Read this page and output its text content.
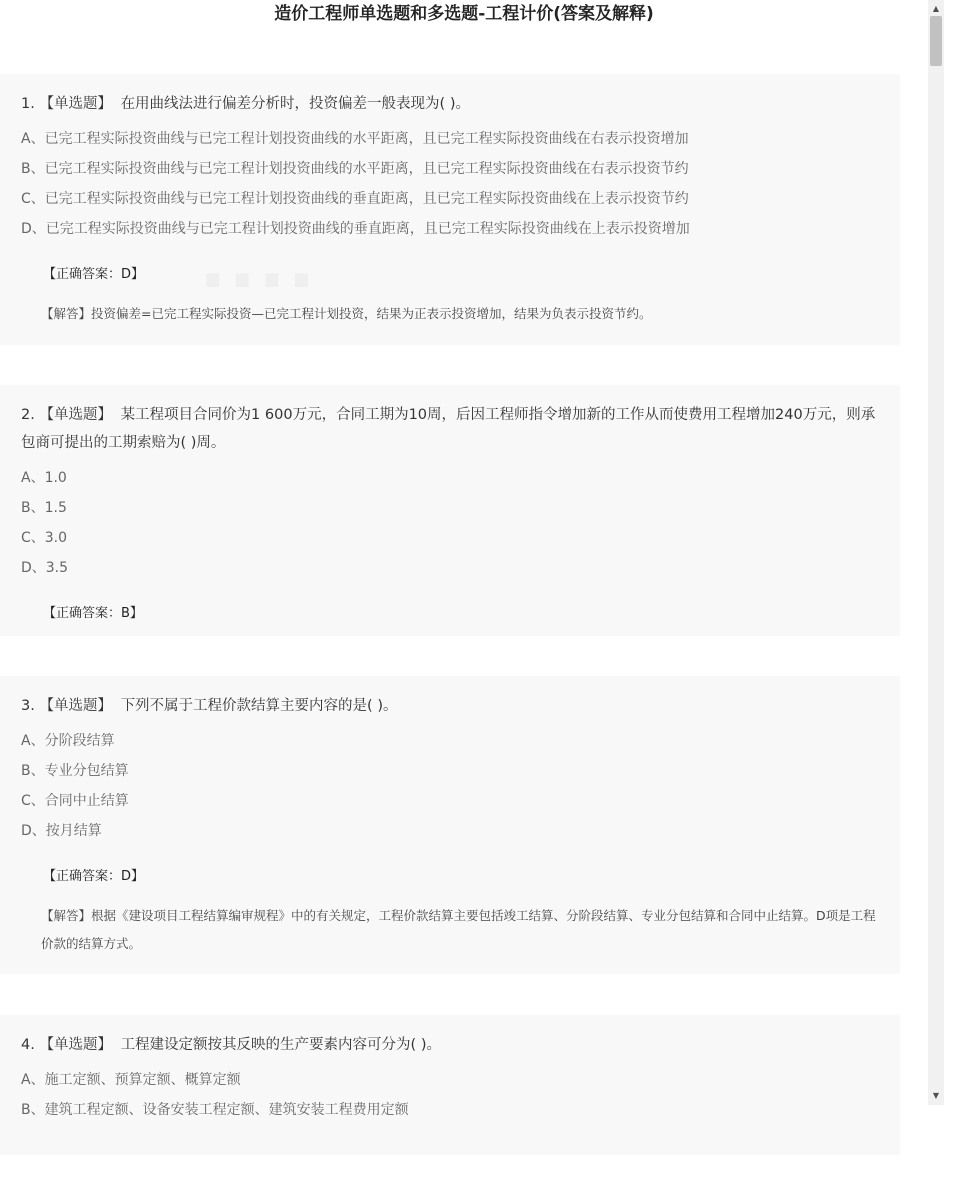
造价工程师单选题和多选题-工程计价(答案及解释)
1. 【单选题】 在用曲线法进行偏差分析时，投资偏差一般表现为( )。
A、已完工程实际投资曲线与已完工程计划投资曲线的水平距离，且已完工程实际投资曲线在右表示投资增加
B、已完工程实际投资曲线与已完工程计划投资曲线的水平距离，且已完工程实际投资曲线在右表示投资节约
C、已完工程实际投资曲线与已完工程计划投资曲线的垂直距离，且已完工程实际投资曲线在上表示投资节约
D、已完工程实际投资曲线与已完工程计划投资曲线的垂直距离，且已完工程实际投资曲线在上表示投资增加
【正确答案：D】
【解答】投资偏差=已完工程实际投资—已完工程计划投资，结果为正表示投资增加，结果为负表示投资节约。
2. 【单选题】 某工程项目合同价为1 600万元，合同工期为10周，后因工程师指令增加新的工作从而使费用工程增加240万元，则承包商可提出的工期索赔为( )周。
A、1.0
B、1.5
C、3.0
D、3.5
【正确答案：B】
3. 【单选题】 下列不属于工程价款结算主要内容的是( )。
A、分阶段结算
B、专业分包结算
C、合同中止结算
D、按月结算
【正确答案：D】
【解答】根据《建设项目工程结算编审规程》中的有关规定，工程价款结算主要包括竣工结算、分阶段结算、专业分包结算和合同中止结算。D项是工程价款的结算方式。
4. 【单选题】 工程建设定额按其反映的生产要素内容可分为( )。
A、施工定额、预算定额、概算定额
B、建筑工程定额、设备安装工程定额、建筑安装工程费用定额
▲
▼
